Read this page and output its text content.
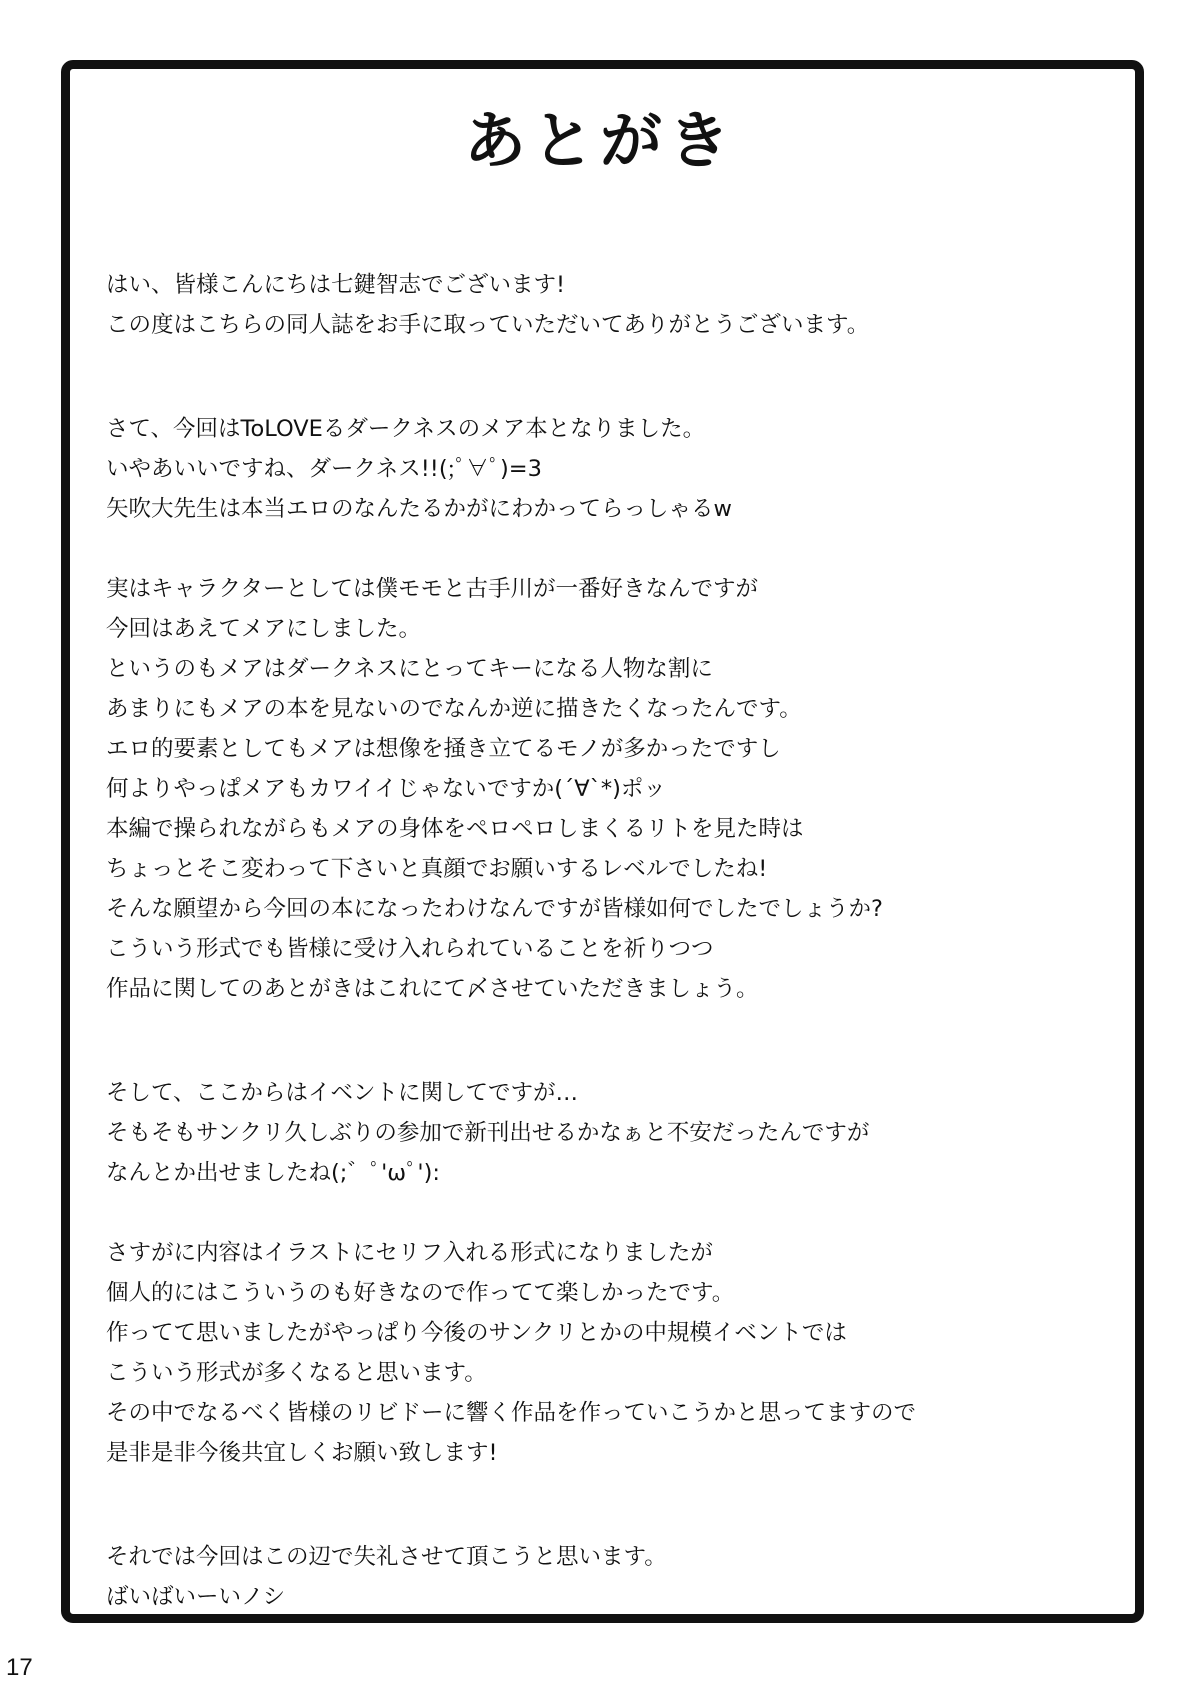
あとがき
はい、皆様こんにちは七鍵智志でございます!
この度はこちらの同人誌をお手に取っていただいてありがとうございます。
さて、今回はToLOVEるダークネスのメア本となりました。
いやあいいですね、ダークネス!!(;ﾟ∀ﾟ)=3
矢吹大先生は本当エロのなんたるかがにわかってらっしゃるw
実はキャラクターとしては僕モモと古手川が一番好きなんですが
今回はあえてメアにしました。
というのもメアはダークネスにとってキーになる人物な割に
あまりにもメアの本を見ないのでなんか逆に描きたくなったんです。
エロ的要素としてもメアは想像を掻き立てるモノが多かったですし
何よりやっぱメアもカワイイじゃないですか(´∀`*)ポッ
本編で操られながらもメアの身体をペロペロしまくるリトを見た時は
ちょっとそこ変わって下さいと真顔でお願いするレベルでしたね!
そんな願望から今回の本になったわけなんですが皆様如何でしたでしょうか?
こういう形式でも皆様に受け入れられていることを祈りつつ
作品に関してのあとがきはこれにて〆させていただきましょう。
そして、ここからはイベントに関してですが…
そもそもサンクリ久しぶりの参加で新刊出せるかなぁと不安だったんですが
なんとか出せましたね(;゛ﾟ'ωﾟ'):
さすがに内容はイラストにセリフ入れる形式になりましたが
個人的にはこういうのも好きなので作ってて楽しかったです。
作ってて思いましたがやっぱり今後のサンクリとかの中規模イベントでは
こういう形式が多くなると思います。
その中でなるべく皆様のリビドーに響く作品を作っていこうかと思ってますので
是非是非今後共宜しくお願い致します!
それでは今回はこの辺で失礼させて頂こうと思います。
ばいばいーいノシ
17
